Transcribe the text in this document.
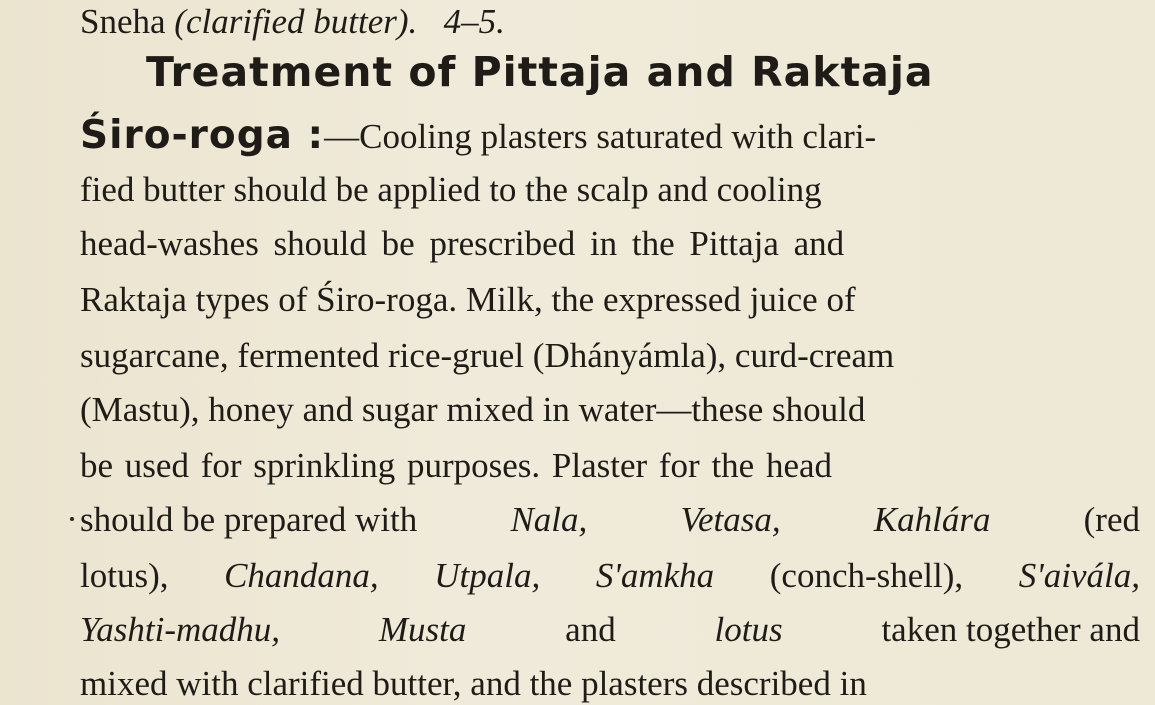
Sneha (clarified butter). 4–5.
Treatment of Pittaja and Raktaja
Śiro-roga :—Cooling plasters saturated with clari-
fied butter should be applied to the scalp and cooling
head-washes should be prescribed in the Pittaja and
Raktaja types of Śiro-roga. Milk, the expressed juice of
sugarcane, fermented rice-gruel (Dhányámla), curd-cream
(Mastu), honey and sugar mixed in water—these should
be used for sprinkling purposes. Plaster for the head
should be prepared with	Nala,	Vetasa,	Kahlára	(red
lotus), Chandana, Utpala, S'amkha (conch-shell), S'aivála,
Yashti-madhu,	Musta	and	lotus	taken together and
mixed with clarified butter, and the plasters described in
